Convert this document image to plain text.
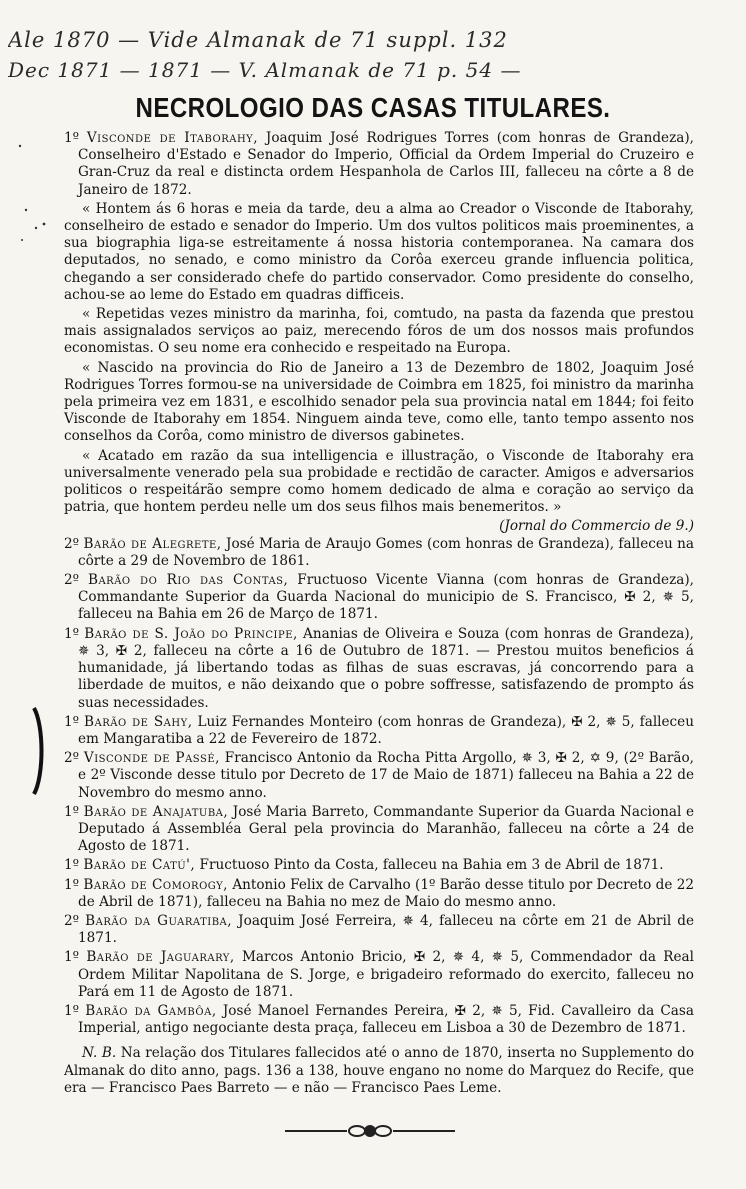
Ale 1870 — Vide Almanak de 71 suppl. 132
Dec 1871 — 1871 — V. Almanak de 71 p. 54 —
NECROLOGIO DAS CASAS TITULARES.

1º Visconde de Itaborahy, Joaquim José Rodrigues Torres (com honras de Grandeza), Conselheiro d'Estado e Senador do Imperio, Official da Ordem Imperial do Cruzeiro e Gran-Cruz da real e distincta ordem Hespanhola de Carlos III, falleceu na côrte a 8 de Janeiro de 1872.

« Hontem ás 6 horas e meia da tarde, deu a alma ao Creador o Visconde de Itaborahy, conselheiro de estado e senador do Imperio. Um dos vultos politicos mais proeminentes, a sua biographia liga-se estreitamente á nossa historia contemporanea. Na camara dos deputados, no senado, e como ministro da Corôa exerceu grande influencia politica, chegando a ser considerado chefe do partido conservador. Como presidente do conselho, achou-se ao leme do Estado em quadras difficeis.

« Repetidas vezes ministro da marinha, foi, comtudo, na pasta da fazenda que prestou mais assignalados serviços ao paiz, merecendo fóros de um dos nossos mais profundos economistas. O seu nome era conhecido e respeitado na Europa.

« Nascido na provincia do Rio de Janeiro a 13 de Dezembro de 1802, Joaquim José Rodrigues Torres formou-se na universidade de Coimbra em 1825, foi ministro da marinha pela primeira vez em 1831, e escolhido senador pela sua provincia natal em 1844; foi feito Visconde de Itaborahy em 1854. Ninguem ainda teve, como elle, tanto tempo assento nos conselhos da Corôa, como ministro de diversos gabinetes.

« Acatado em razão da sua intelligencia e illustração, o Visconde de Itaborahy era universalmente venerado pela sua probidade e rectidão de caracter. Amigos e adversarios politicos o respeitárão sempre como homem dedicado de alma e coração ao serviço da patria, que hontem perdeu nelle um dos seus filhos mais benemeritos. »

(Jornal do Commercio de 9.)

2º Barão de Alegrete, José Maria de Araujo Gomes (com honras de Grandeza), falleceu na côrte a 29 de Novembro de 1861.

2º Barão do Rio das Contas, Fructuoso Vicente Vianna (com honras de Grandeza), Commandante Superior da Guarda Nacional do municipio de S. Francisco, ✠ 2, ✵ 5, falleceu na Bahia em 26 de Março de 1871.

1º Barão de S. João do Principe, Ananias de Oliveira e Souza (com honras de Grandeza), ✵ 3, ✠ 2, falleceu na côrte a 16 de Outubro de 1871. — Prestou muitos beneficios á humanidade, já libertando todas as filhas de suas escravas, já concorrendo para a liberdade de muitos, e não deixando que o pobre soffresse, satisfazendo de prompto ás suas necessidades.

1º Barão de Sahy, Luiz Fernandes Monteiro (com honras de Grandeza), ✠ 2, ✵ 5, falleceu em Mangaratiba a 22 de Fevereiro de 1872.

2º Visconde de Passé, Francisco Antonio da Rocha Pitta Argollo, ✵ 3, ✠ 2, ✡ 9, (2º Barão, e 2º Visconde desse titulo por Decreto de 17 de Maio de 1871) falleceu na Bahia a 22 de Novembro do mesmo anno.

1º Barão de Anajatuba, José Maria Barreto, Commandante Superior da Guarda Nacional e Deputado á Assembléa Geral pela provincia do Maranhão, falleceu na côrte a 24 de Agosto de 1871.

1º Barão de Catú', Fructuoso Pinto da Costa, falleceu na Bahia em 3 de Abril de 1871.

1º Barão de Comorogy, Antonio Felix de Carvalho (1º Barão desse titulo por Decreto de 22 de Abril de 1871), falleceu na Bahia no mez de Maio do mesmo anno.

2º Barão da Guaratiba, Joaquim José Ferreira, ✵ 4, falleceu na côrte em 21 de Abril de 1871.

1º Barão de Jaguarary, Marcos Antonio Bricio, ✠ 2, ✵ 4, ✵ 5, Commendador da Real Ordem Militar Napolitana de S. Jorge, e brigadeiro reformado do exercito, falleceu no Pará em 11 de Agosto de 1871.

1º Barão da Gambôa, José Manoel Fernandes Pereira, ✠ 2, ✵ 5, Fid. Cavalleiro da Casa Imperial, antigo negociante desta praça, falleceu em Lisboa a 30 de Dezembro de 1871.

N. B. Na relação dos Titulares fallecidos até o anno de 1870, inserta no Supplemento do Almanak do dito anno, pags. 136 a 138, houve engano no nome do Marquez do Recife, que era — Francisco Paes Barreto — e não — Francisco Paes Leme.
